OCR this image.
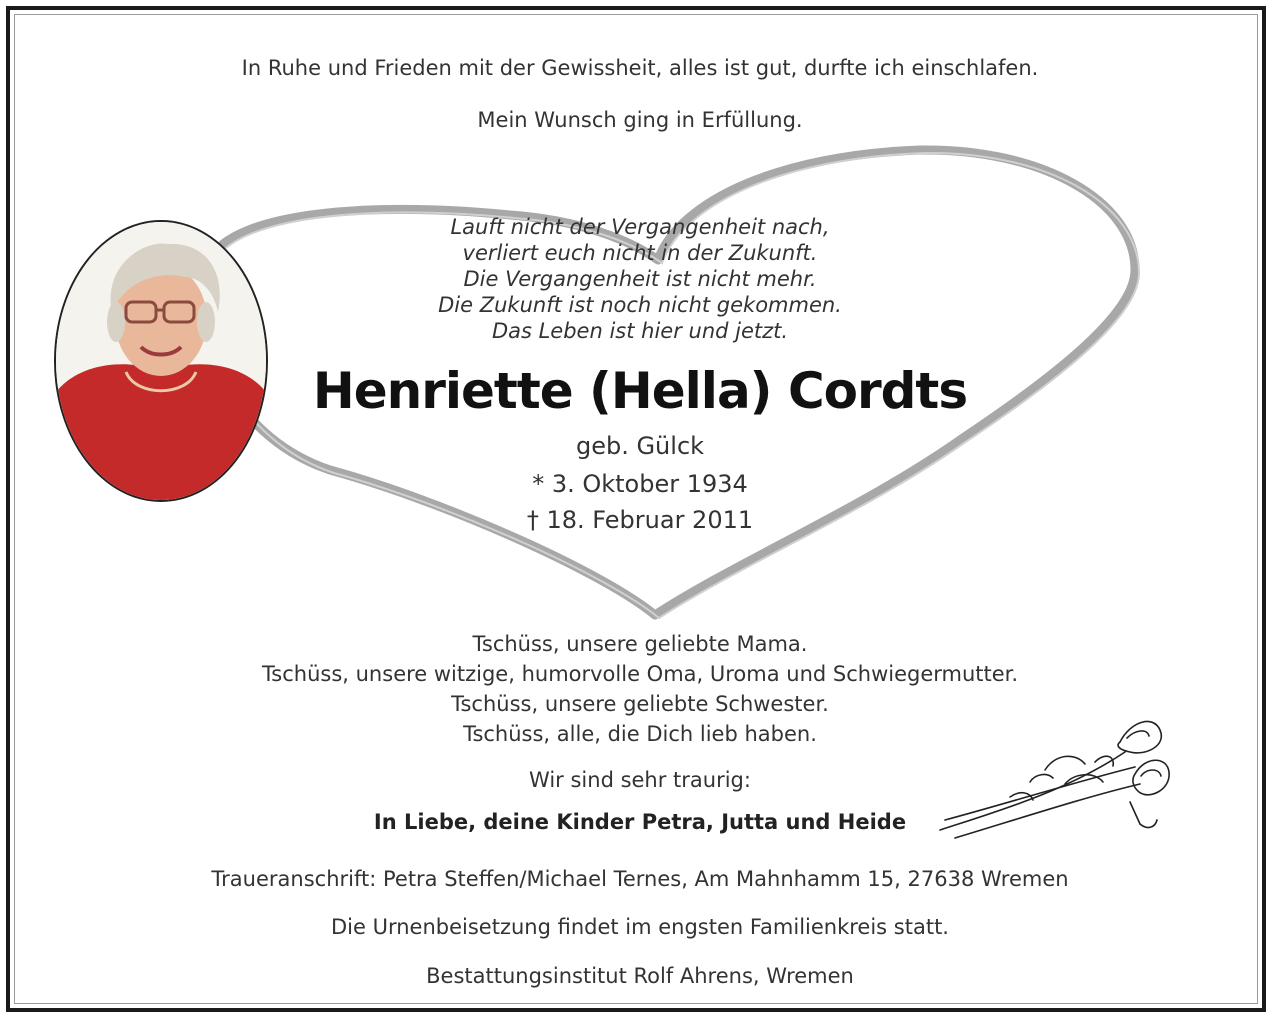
In Ruhe und Frieden mit der Gewissheit, alles ist gut, durfte ich einschlafen.
Mein Wunsch ging in Erfüllung.
Lauft nicht der Vergangenheit nach,
verliert euch nicht in der Zukunft.
Die Vergangenheit ist nicht mehr.
Die Zukunft ist noch nicht gekommen.
Das Leben ist hier und jetzt.
Henriette (Hella) Cordts
geb. Gülck
* 3. Oktober 1934
† 18. Februar 2011
Tschüss, unsere geliebte Mama.
Tschüss, unsere witzige, humorvolle Oma, Uroma und Schwiegermutter.
Tschüss, unsere geliebte Schwester.
Tschüss, alle, die Dich lieb haben.
Wir sind sehr traurig:
In Liebe, deine Kinder Petra, Jutta und Heide
Traueranschrift: Petra Steffen/Michael Ternes, Am Mahnhamm 15, 27638 Wremen
Die Urnenbeisetzung findet im engsten Familienkreis statt.
Bestattungsinstitut Rolf Ahrens, Wremen
